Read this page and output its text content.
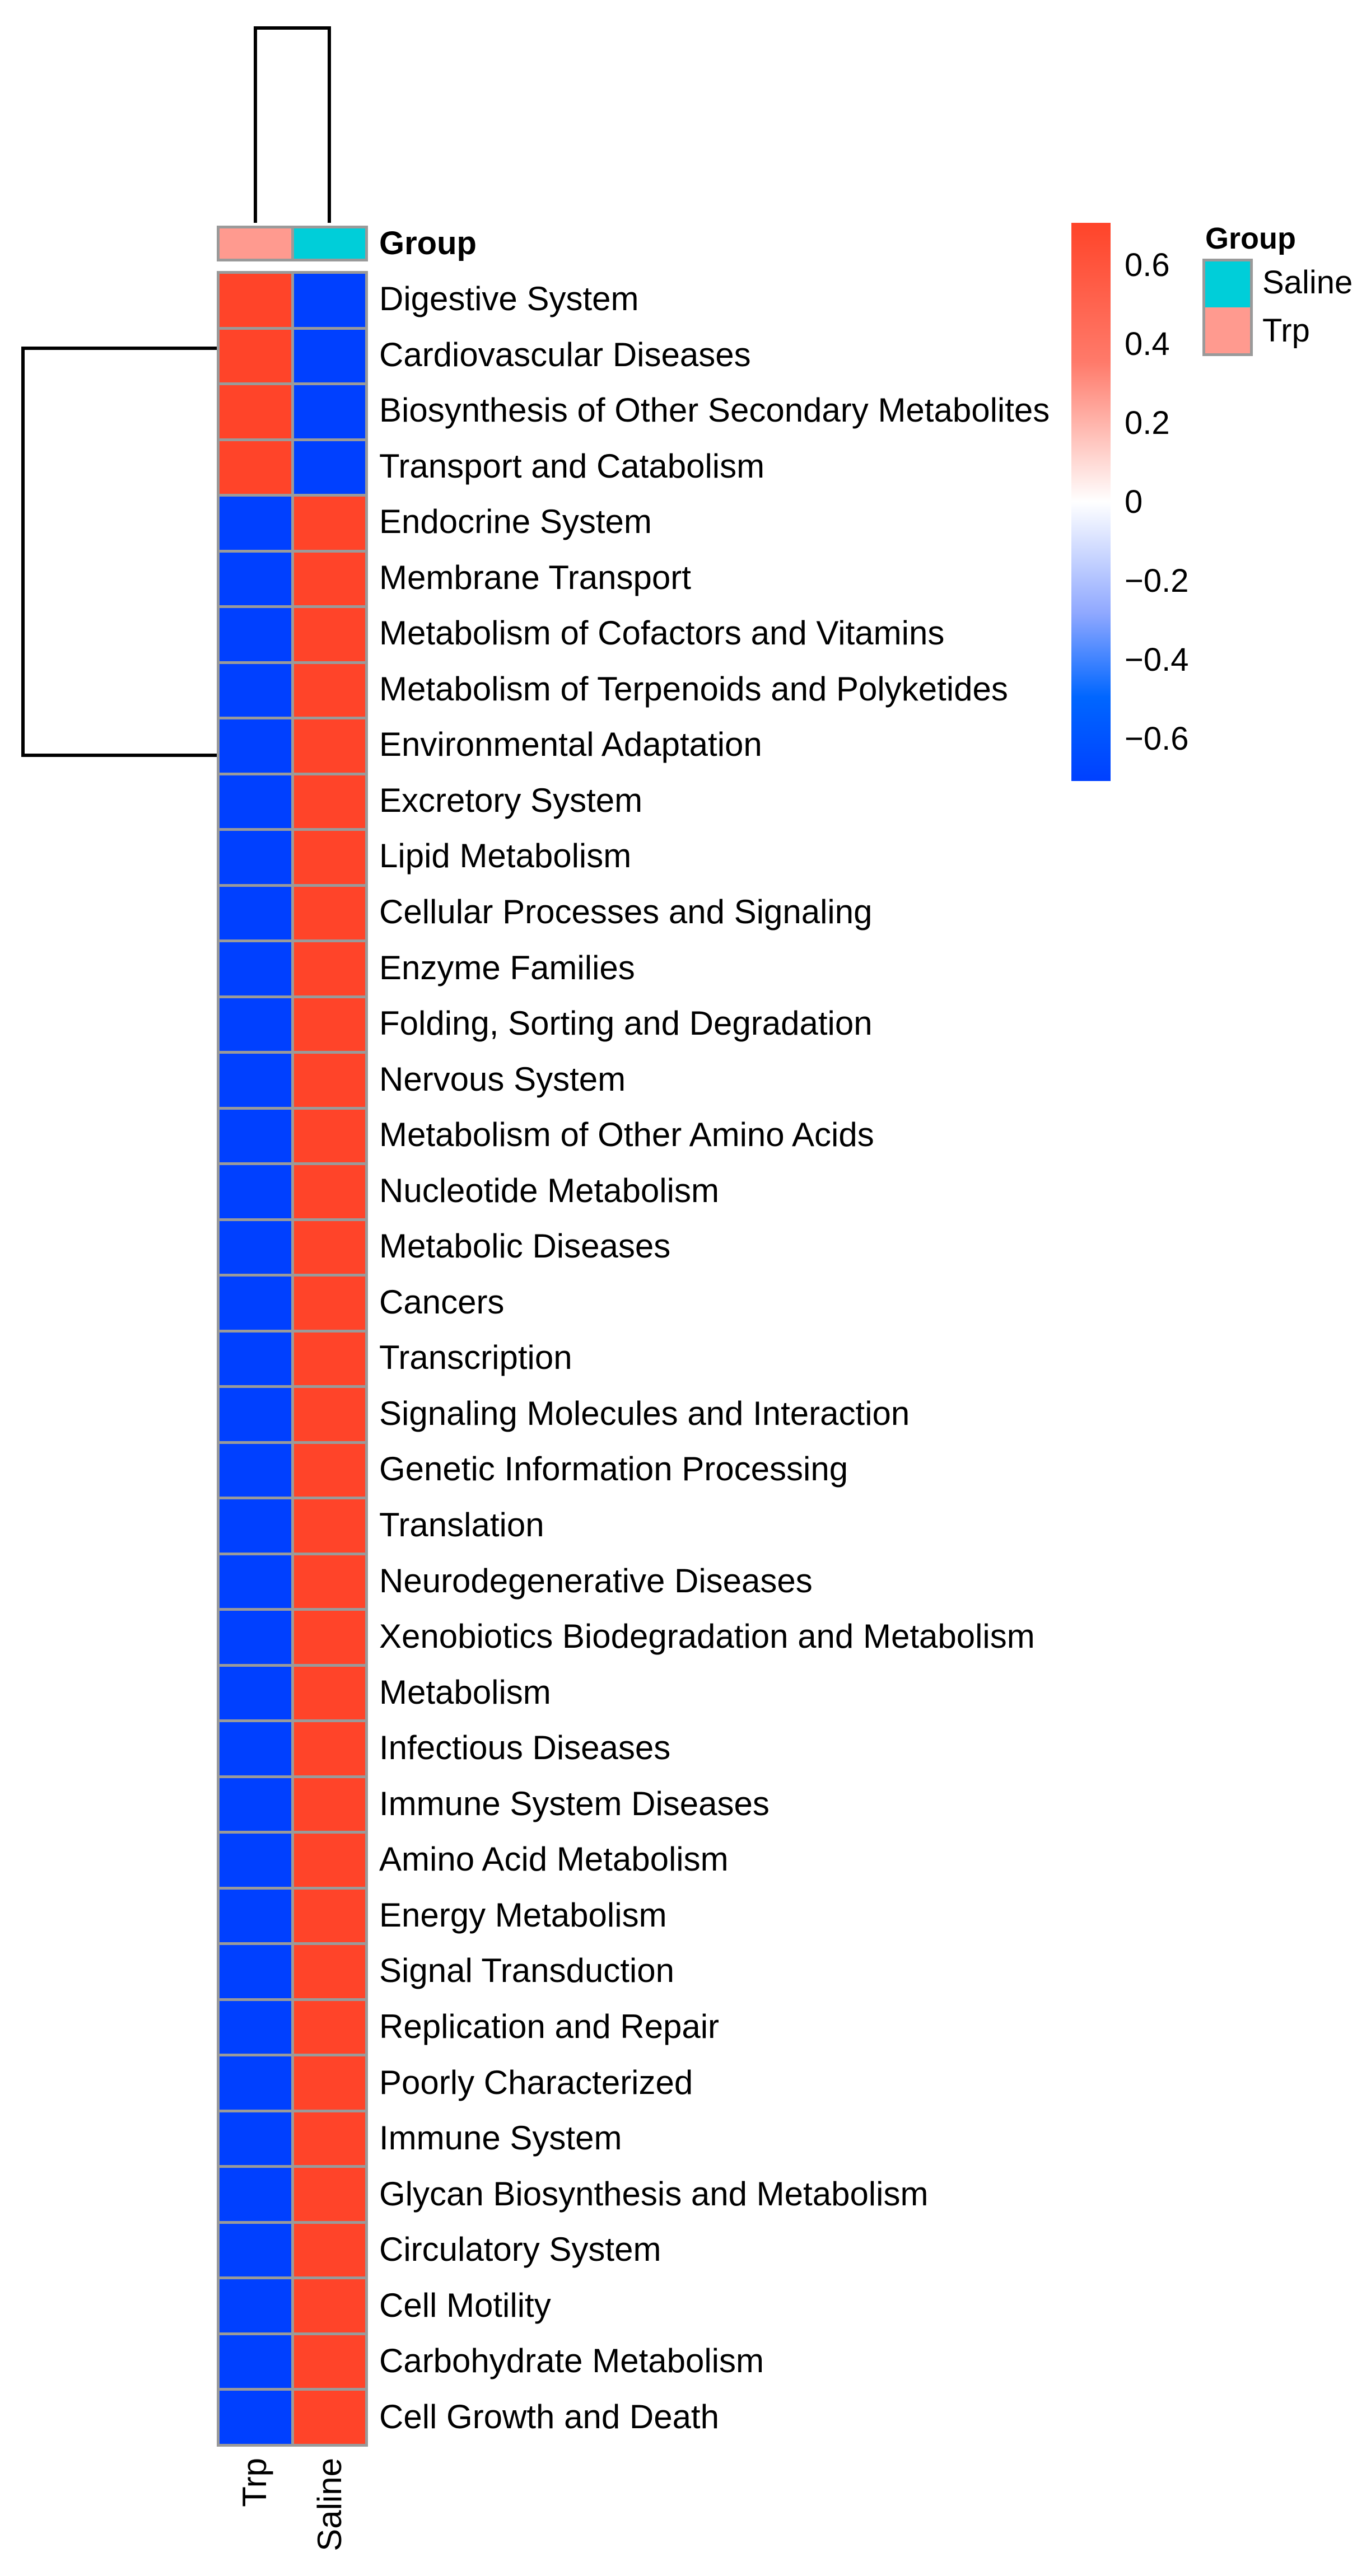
Group
Digestive System
Cardiovascular Diseases
Biosynthesis of Other Secondary Metabolites
Transport and Catabolism
Endocrine System
Membrane Transport
Metabolism of Cofactors and Vitamins
Metabolism of Terpenoids and Polyketides
Environmental Adaptation
Excretory System
Lipid Metabolism
Cellular Processes and Signaling
Enzyme Families
Folding, Sorting and Degradation
Nervous System
Metabolism of Other Amino Acids
Nucleotide Metabolism
Metabolic Diseases
Cancers
Transcription
Signaling Molecules and Interaction
Genetic Information Processing
Translation
Neurodegenerative Diseases
Xenobiotics Biodegradation and Metabolism
Metabolism
Infectious Diseases
Immune System Diseases
Amino Acid Metabolism
Energy Metabolism
Signal Transduction
Replication and Repair
Poorly Characterized
Immune System
Glycan Biosynthesis and Metabolism
Circulatory System
Cell Motility
Carbohydrate Metabolism
Cell Growth and Death
Trp Saline
0.6
0.4
0.2
0
−0.2
−0.4
−0.6
Group
Saline
Trp
